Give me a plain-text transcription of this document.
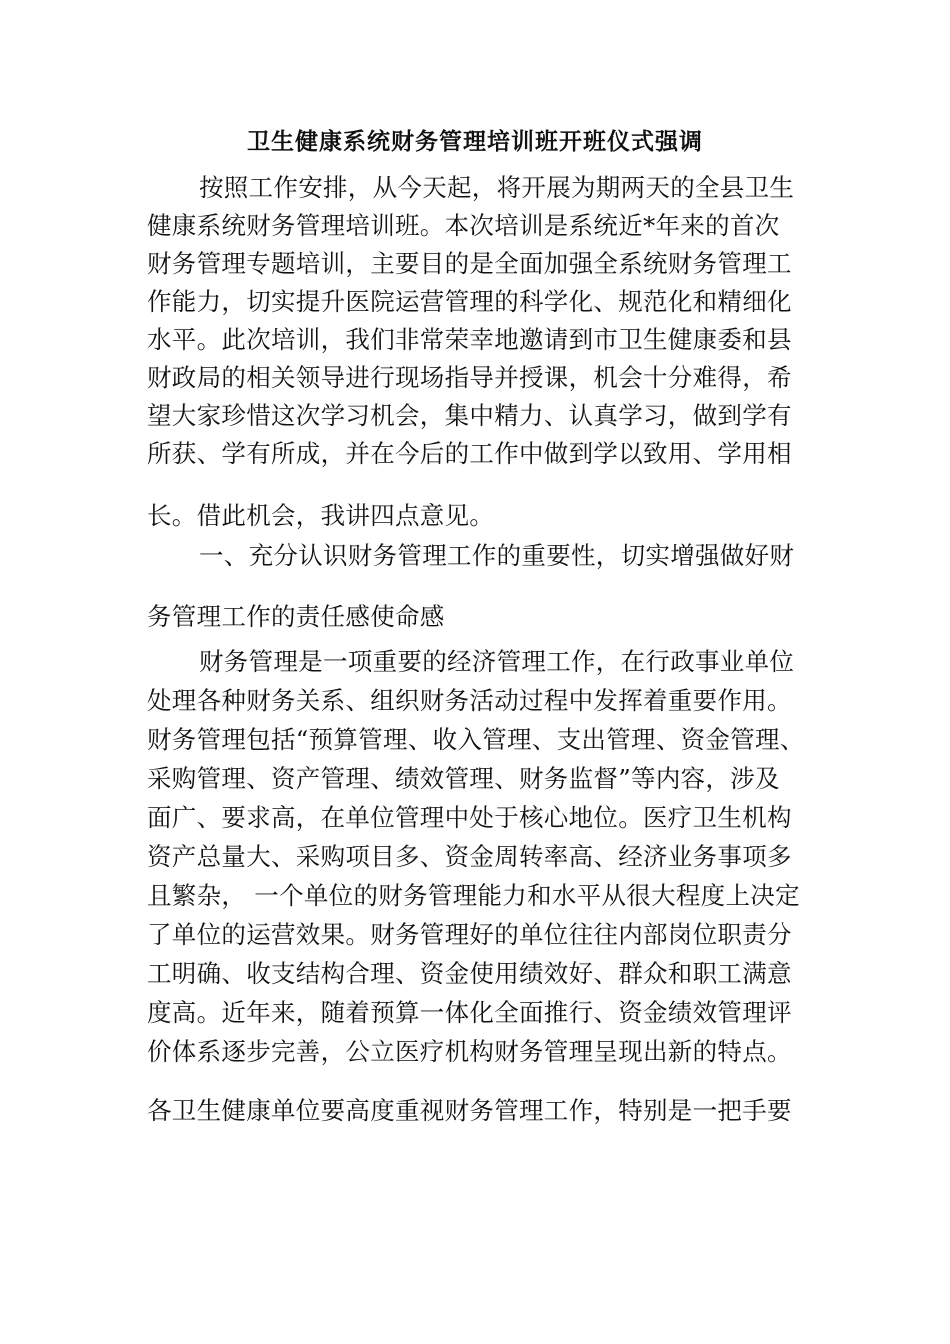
卫生健康系统财务管理培训班开班仪式强调
按照工作安排，从今天起，将开展为期两天的全县卫生
健康系统财务管理培训班。本次培训是系统近*年来的首次
财务管理专题培训，主要目的是全面加强全系统财务管理工
作能力，切实提升医院运营管理的科学化、规范化和精细化
水平。此次培训，我们非常荣幸地邀请到市卫生健康委和县
财政局的相关领导进行现场指导并授课，机会十分难得，希
望大家珍惜这次学习机会，集中精力、认真学习，做到学有
所获、学有所成，并在今后的工作中做到学以致用、学用相
长。借此机会，我讲四点意见。
一、充分认识财务管理工作的重要性，切实增强做好财
务管理工作的责任感使命感
财务管理是一项重要的经济管理工作，在行政事业单位
处理各种财务关系、组织财务活动过程中发挥着重要作用。
财务管理包括“预算管理、收入管理、支出管理、资金管理、
采购管理、资产管理、绩效管理、财务监督”等内容，涉及
面广、要求高，在单位管理中处于核心地位。医疗卫生机构
资产总量大、采购项目多、资金周转率高、经济业务事项多
且繁杂， 一个单位的财务管理能力和水平从很大程度上决定
了单位的运营效果。财务管理好的单位往往内部岗位职责分
工明确、收支结构合理、资金使用绩效好、群众和职工满意
度高。近年来，随着预算一体化全面推行、资金绩效管理评
价体系逐步完善，公立医疗机构财务管理呈现出新的特点。
各卫生健康单位要高度重视财务管理工作，特别是一把手要
